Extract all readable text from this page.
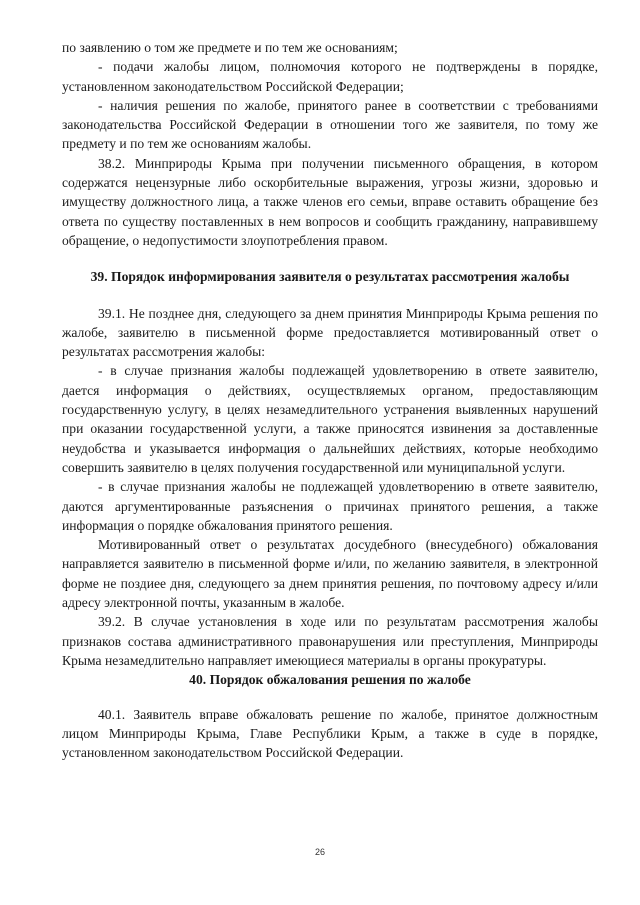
по заявлению о том же предмете и по тем же основаниям;

- подачи жалобы лицом, полномочия которого не подтверждены в порядке, установленном законодательством Российской Федерации;

- наличия решения по жалобе, принятого ранее в соответствии с требованиями законодательства Российской Федерации в отношении того же заявителя, по тому же предмету и по тем же основаниям жалобы.

38.2. Минприроды Крыма при получении письменного обращения, в котором содержатся нецензурные либо оскорбительные выражения, угрозы жизни, здоровью и имуществу должностного лица, а также членов его семьи, вправе оставить обращение без ответа по существу поставленных в нем вопросов и сообщить гражданину, направившему обращение, о недопустимости злоупотребления правом.

39. Порядок информирования заявителя о результатах рассмотрения жалобы

39.1. Не позднее дня, следующего за днем принятия Минприроды Крыма решения по жалобе, заявителю в письменной форме предоставляется мотивированный ответ о результатах рассмотрения жалобы:

- в случае признания жалобы подлежащей удовлетворению в ответе заявителю, дается информация о действиях, осуществляемых органом, предоставляющим государственную услугу, в целях незамедлительного устранения выявленных нарушений при оказании государственной услуги, а также приносятся извинения за доставленные неудобства и указывается информация о дальнейших действиях, которые необходимо совершить заявителю в целях получения государственной или муниципальной услуги.

- в случае признания жалобы не подлежащей удовлетворению в ответе заявителю, даются аргументированные разъяснения о причинах принятого решения, а также информация о порядке обжалования принятого решения.

Мотивированный ответ о результатах досудебного (внесудебного) обжалования направляется заявителю в письменной форме и/или, по желанию заявителя, в электронной форме не поздиее дня, следующего за днем принятия решения, по почтовому адресу и/или адресу электронной почты, указанным в жалобе.

39.2. В случае установления в ходе или по результатам рассмотрения жалобы признаков состава административного правонарушения или преступления, Минприроды Крыма незамедлительно направляет имеющиеся материалы в органы прокуратуры.

40. Порядок обжалования решения по жалобе

40.1. Заявитель вправе обжаловать решение по жалобе, принятое должностным лицом Минприроды Крыма, Главе Республики Крым, а также в суде в порядке, установленном законодательством Российской Федерации.

26
